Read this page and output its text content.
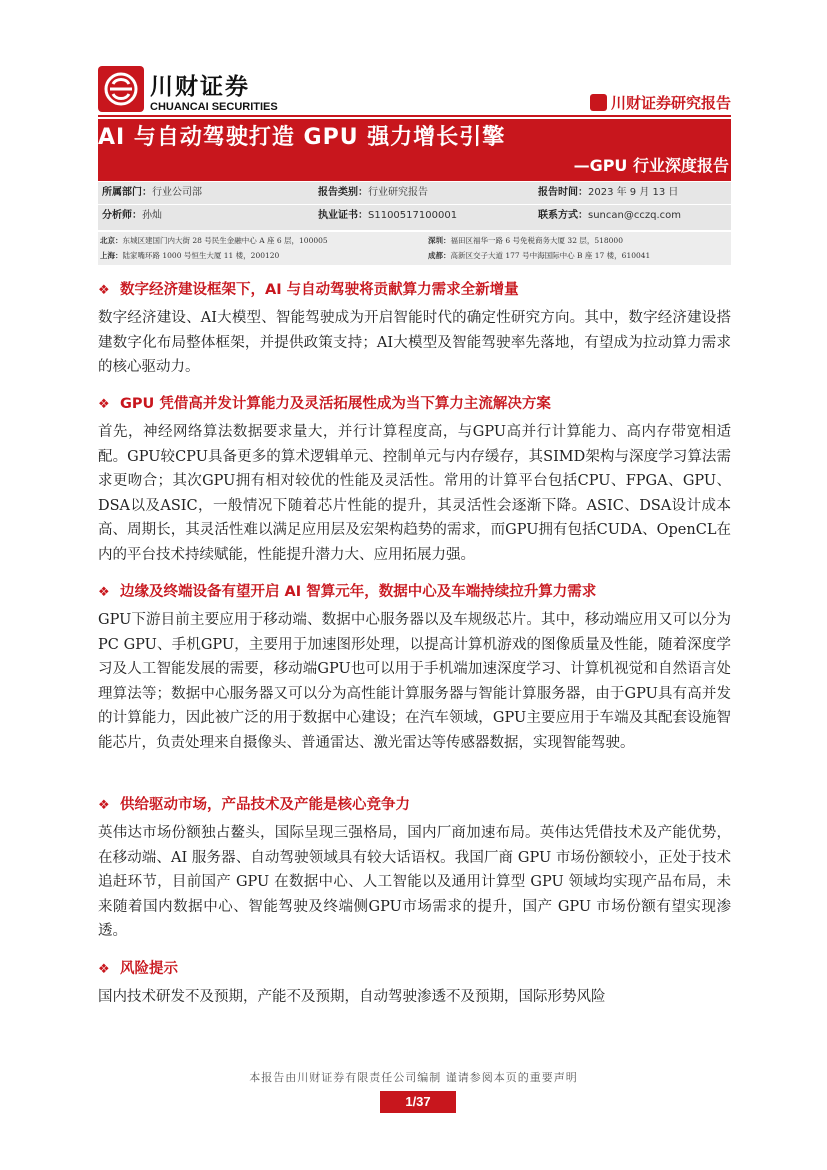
川财证券
CHUANCAI SECURITIES	川财证券研究报告
AI 与自动驾驶打造 GPU 强力增长引擎
—GPU 行业深度报告
所属部门：行业公司部	报告类别：行业研究报告	报告时间：2023 年 9 月 13 日
分析师：孙灿	执业证书：S1100517100001	联系方式：suncan@cczq.com
北京：东城区建国门内大街 28 号民生金融中心 A 座 6 层，100005	深圳：福田区福华一路 6 号免税商务大厦 32 层，518000
上海：陆家嘴环路 1000 号恒生大厦 11 楼，200120	成都：高新区交子大道 177 号中海国际中心 B 座 17 楼，610041
❖ 数字经济建设框架下，AI 与自动驾驶将贡献算力需求全新增量
数字经济建设、AI大模型、智能驾驶成为开启智能时代的确定性研究方向。其中，数字经济建设搭建数字化布局整体框架，并提供政策支持；AI大模型及智能驾驶率先落地，有望成为拉动算力需求的核心驱动力。
❖ GPU 凭借高并发计算能力及灵活拓展性成为当下算力主流解决方案
首先，神经网络算法数据要求量大，并行计算程度高，与GPU高并行计算能力、高内存带宽相适配。GPU较CPU具备更多的算术逻辑单元、控制单元与内存缓存，其SIMD架构与深度学习算法需求更吻合；其次GPU拥有相对较优的性能及灵活性。常用的计算平台包括CPU、FPGA、GPU、DSA以及ASIC，一般情况下随着芯片性能的提升，其灵活性会逐渐下降。ASIC、DSA设计成本高、周期长，其灵活性难以满足应用层及宏架构趋势的需求，而GPU拥有包括CUDA、OpenCL在内的平台技术持续赋能，性能提升潜力大、应用拓展力强。
❖ 边缘及终端设备有望开启 AI 智算元年，数据中心及车端持续拉升算力需求
GPU下游目前主要应用于移动端、数据中心服务器以及车规级芯片。其中，移动端应用又可以分为PC GPU、手机GPU，主要用于加速图形处理，以提高计算机游戏的图像质量及性能，随着深度学习及人工智能发展的需要，移动端GPU也可以用于手机端加速深度学习、计算机视觉和自然语言处理算法等；数据中心服务器又可以分为高性能计算服务器与智能计算服务器，由于GPU具有高并发的计算能力，因此被广泛的用于数据中心建设；在汽车领域，GPU主要应用于车端及其配套设施智能芯片，负责处理来自摄像头、普通雷达、激光雷达等传感器数据，实现智能驾驶。
❖ 供给驱动市场，产品技术及产能是核心竞争力
英伟达市场份额独占鳌头，国际呈现三强格局，国内厂商加速布局。英伟达凭借技术及产能优势，在移动端、AI 服务器、自动驾驶领域具有较大话语权。我国厂商 GPU 市场份额较小，正处于技术追赶环节，目前国产 GPU 在数据中心、人工智能以及通用计算型 GPU 领域均实现产品布局，未来随着国内数据中心、智能驾驶及终端侧GPU市场需求的提升，国产 GPU 市场份额有望实现渗透。
❖ 风险提示
国内技术研发不及预期，产能不及预期，自动驾驶渗透不及预期，国际形势风险
本报告由川财证券有限责任公司编制 谨请参阅本页的重要声明
1/37
